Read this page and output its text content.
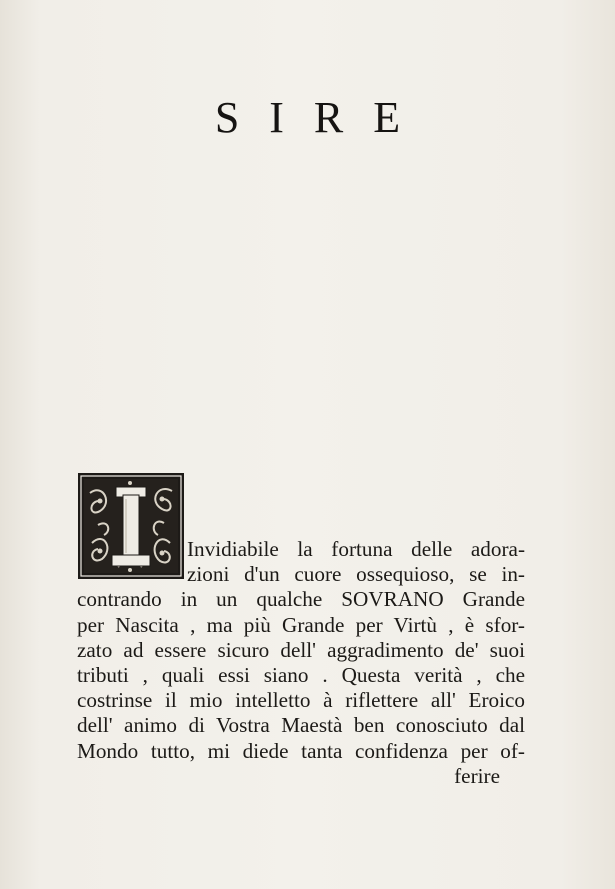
SIRE
Invidiabile la fortuna delle adora-
zioni d'un cuore ossequioso, se in-
contrando in un qualche SOVRANO Grande
per Nascita , ma più Grande per Virtù , è sfor-
zato ad essere sicuro dell' aggradimento de' suoi
tributi , quali essi siano . Questa verità , che
costrinse il mio intelletto à riflettere all' Eroico
dell' animo di Vostra Maestà ben conosciuto dal
Mondo tutto, mi diede tanta confidenza per of-
ferire
